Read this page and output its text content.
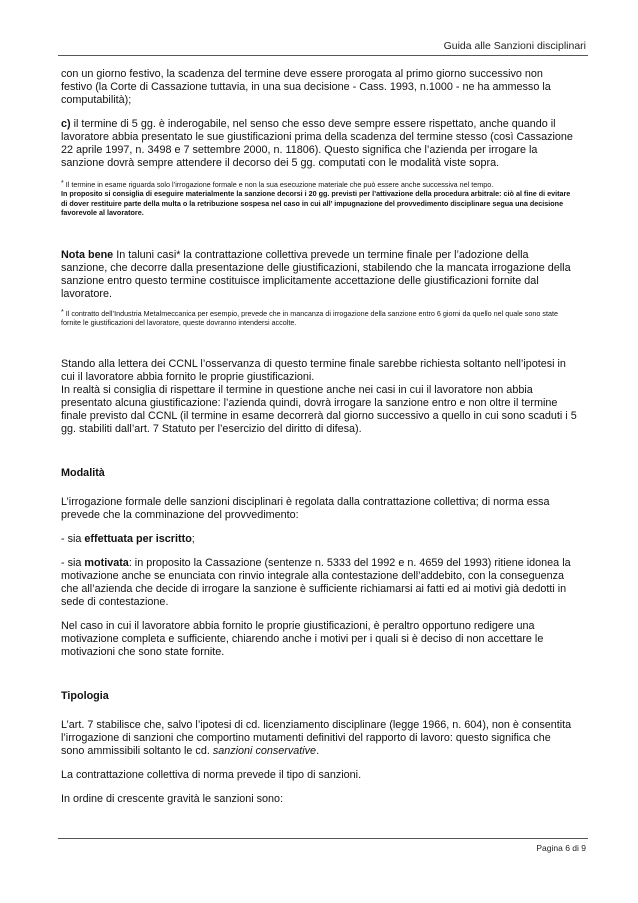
Guida alle Sanzioni disciplinari

con un giorno festivo, la scadenza del termine deve essere prorogata al primo giorno successivo non festivo (la Corte di Cassazione tuttavia, in una sua decisione - Cass. 1993, n.1000 - ne ha ammesso la computabilità);

c) il termine di 5 gg. è inderogabile, nel senso che esso deve sempre essere rispettato, anche quando il lavoratore abbia presentato le sue giustificazioni prima della scadenza del termine stesso (così Cassazione 22 aprile 1997, n. 3498 e 7 settembre 2000, n. 11806). Questo significa che l’azienda per irrogare la sanzione dovrà sempre attendere il decorso dei 5 gg. computati con le modalità viste sopra.

* Il termine in esame riguarda solo l’irrogazione formale e non la sua esecuzione materiale che può essere anche successiva nel tempo.
In proposito si consiglia di eseguire materialmente la sanzione decorsi i 20 gg. previsti per l’attivazione della procedura arbitrale: ciò al fine di evitare di dover restituire parte della multa o la retribuzione sospesa nel caso in cui all’ impugnazione del provvedimento disciplinare segua una decisione favorevole al lavoratore.

Nota bene In taluni casi* la contrattazione collettiva prevede un termine finale per l’adozione della sanzione, che decorre dalla presentazione delle giustificazioni, stabilendo che la mancata irrogazione della sanzione entro questo termine costituisce implicitamente accettazione delle giustificazioni fornite dal lavoratore.

* Il contratto dell’Industria Metalmeccanica per esempio, prevede che in mancanza di irrogazione della sanzione entro 6 giorni da quello nel quale sono state fornite le giustificazioni del lavoratore, queste dovranno intendersi accolte.

Stando alla lettera dei CCNL l’osservanza di questo termine finale sarebbe richiesta soltanto nell’ipotesi in cui il lavoratore abbia fornito le proprie giustificazioni.
In realtà si consiglia di rispettare il termine in questione anche nei casi in cui il lavoratore non abbia presentato alcuna giustificazione: l’azienda quindi, dovrà irrogare la sanzione entro e non oltre il termine finale previsto dal CCNL (il termine in esame decorrerà dal giorno successivo a quello in cui sono scaduti i 5 gg. stabiliti dall’art. 7 Statuto per l’esercizio del diritto di difesa).

Modalità

L’irrogazione formale delle sanzioni disciplinari è regolata dalla contrattazione collettiva; di norma essa prevede che la comminazione del provvedimento:

- sia effettuata per iscritto;

- sia motivata: in proposito la Cassazione (sentenze n. 5333 del 1992 e n. 4659 del 1993) ritiene idonea la motivazione anche se enunciata con rinvio integrale alla contestazione dell’addebito, con la conseguenza che all’azienda che decide di irrogare la sanzione è sufficiente richiamarsi ai fatti ed ai motivi già dedotti in sede di contestazione.

Nel caso in cui il lavoratore abbia fornito le proprie giustificazioni, è peraltro opportuno redigere una motivazione completa e sufficiente, chiarendo anche i motivi per i quali si è deciso di non accettare le motivazioni che sono state fornite.

Tipologia

L’art. 7 stabilisce che, salvo l’ipotesi di cd. licenziamento disciplinare (legge 1966, n. 604), non è consentita l’irrogazione di sanzioni che comportino mutamenti definitivi del rapporto di lavoro: questo significa che sono ammissibili soltanto le cd. sanzioni conservative.

La contrattazione collettiva di norma prevede il tipo di sanzioni.

In ordine di crescente gravità le sanzioni sono:

Pagina 6 di 9
